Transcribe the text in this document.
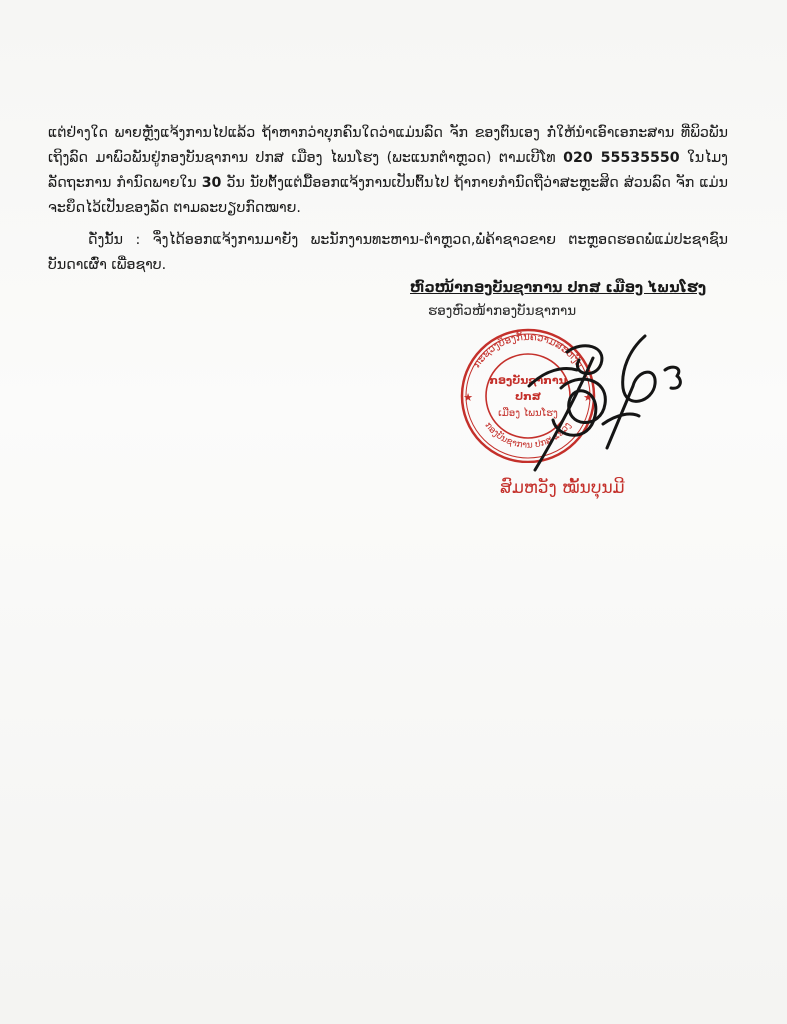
ແຕ່ຢ່າງໃດ ພາຍຫຼັງແຈ້ງການໄປແລ້ວ ຖ້າຫາກວ່າບຸກຄົນໃດວ່າແມ່ນລົດ ຈັກ ຂອງຕົນເອງ ກໍ່ໃຫ້ນຳເອົາເອກະສານ ທີ່ພິວພັນເຖິງລົດ ມາພົວພັນຢູ່ກອງບັນຊາການ ປກສ ເມືອງ ໄພນໂຮງ (ພະແນກຕຳຫຼວດ) ຕາມເບີໂທ 020 55535550 ໃນໄມງລັດຖະການ ກຳນົດພາຍໃນ 30 ວັນ ນັບຕັ້ງແຕ່ມື້ອອກແຈ້ງການເປັນຕົ້ນໄປ ຖ້າກາຍກຳນົດຖືວ່າສະຫຼະສິດ ສ່ວນລົດ ຈັກ ແມ່ນຈະຍຶດໄວ້ເປັນຂອງລັດ ຕາມລະບຽບກົດໝາຍ.
ດັ່ງນັ້ນ : ຈຶ່ງໄດ້ອອກແຈ້ງການມາຍັງ ພະນັກງານທະຫານ-ຕຳຫຼວດ,ພໍ່ຄ້າຊາວຂາຍ ຕະຫຼອດຮອດພໍ່ແມ່ປະຊາຊົນບັນດາເຜົ່າ ເພື່ອຊາບ.
ຫົວໜ້າກອງບັນຊາການ ປກສ ເມືອງ ໄພນໂຮງ
ຮອງຫົວໜ້າກອງບັນຊາການ
ກະຊວງປ້ອງກັນຄວາມສະຫງົບ
ກອງບັນຊາການ ປກສ ແຂວງ
ກອງບັນຊາການ
ປກສ
ເມືອງ ໄພນໂຮງ
★	★
ສົມຫວັງ ໝັ້ນບຸນມີ
